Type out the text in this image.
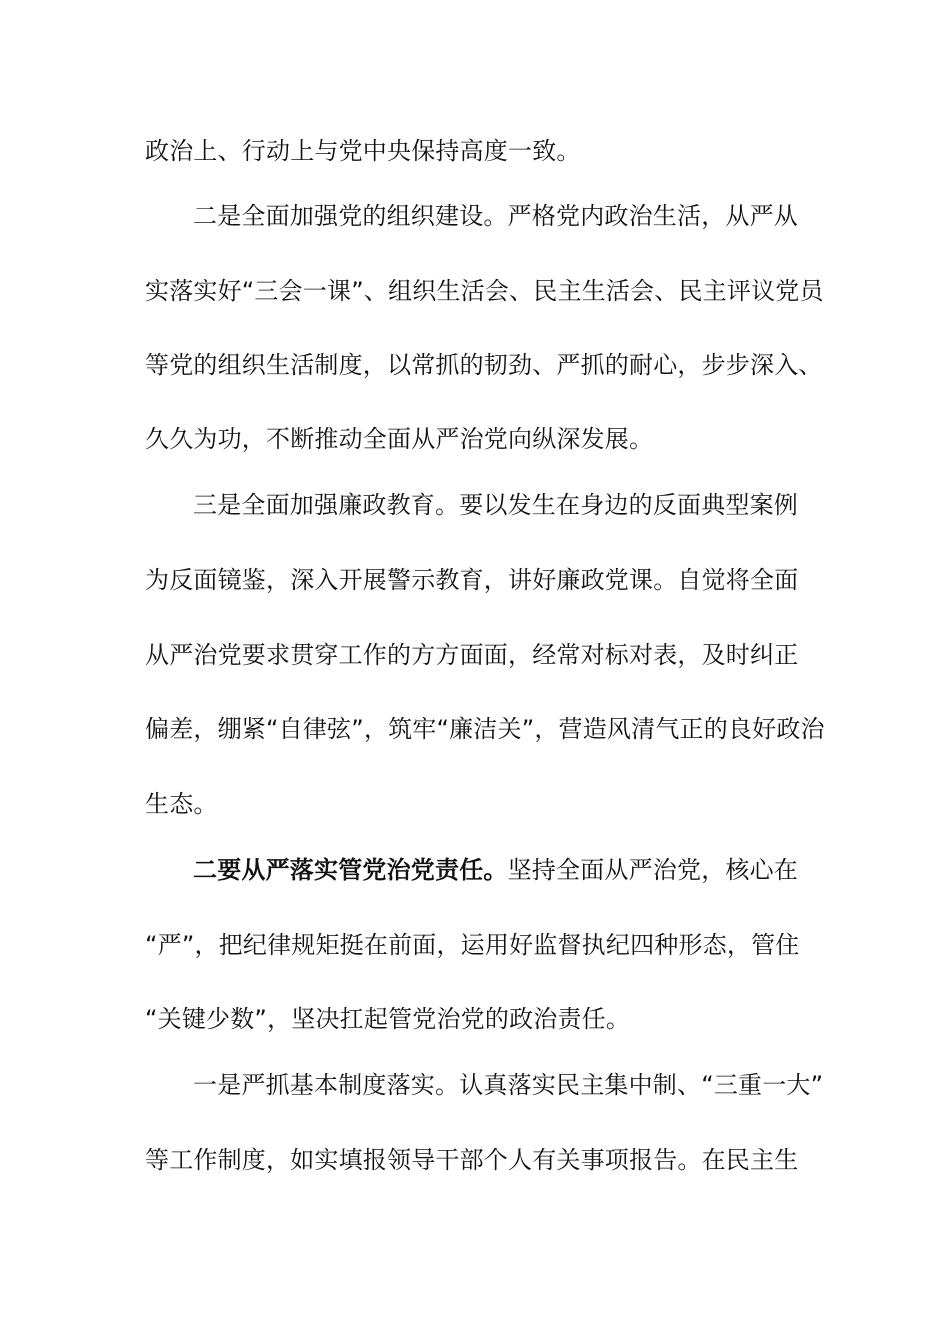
政治上、行动上与党中央保持高度一致。
二是全面加强党的组织建设。严格党内政治生活，从严从
实落实好“三会一课”、组织生活会、民主生活会、民主评议党员
等党的组织生活制度，以常抓的韧劲、严抓的耐心，步步深入、
久久为功，不断推动全面从严治党向纵深发展。
三是全面加强廉政教育。要以发生在身边的反面典型案例
为反面镜鉴，深入开展警示教育，讲好廉政党课。自觉将全面
从严治党要求贯穿工作的方方面面，经常对标对表，及时纠正
偏差，绷紧“自律弦”，筑牢“廉洁关”，营造风清气正的良好政治
生态。
二要从严落实管党治党责任。坚持全面从严治党，核心在
“严”，把纪律规矩挺在前面，运用好监督执纪四种形态，管住
“关键少数”，坚决扛起管党治党的政治责任。
一是严抓基本制度落实。认真落实民主集中制、“三重一大”
等工作制度，如实填报领导干部个人有关事项报告。在民主生
